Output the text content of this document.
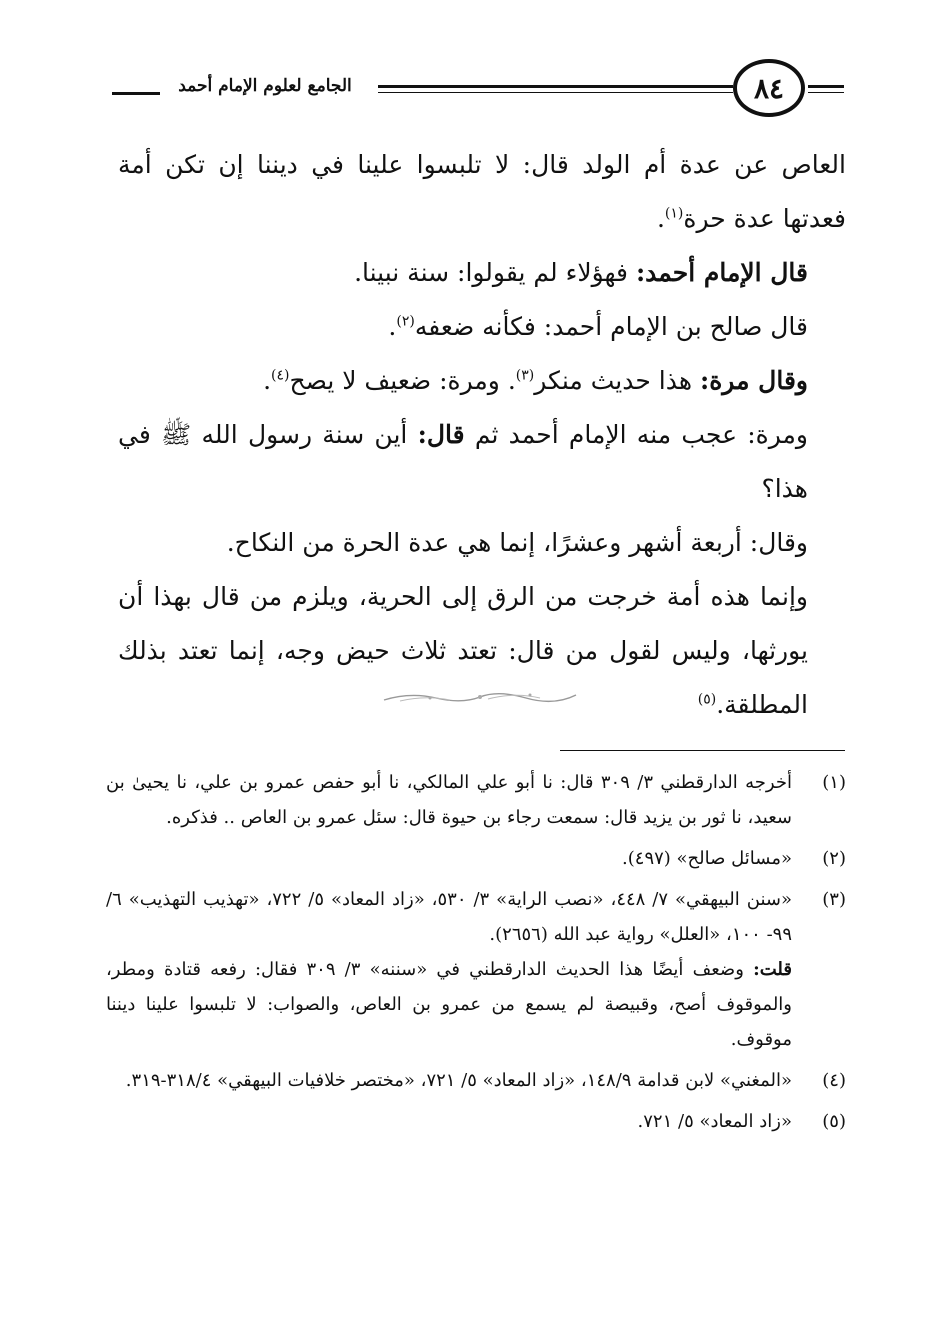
٨٤
الجامع لعلوم الإمام أحمد

العاص عن عدة أم الولد قال: لا تلبسوا علينا في ديننا إن تكن أمة فعدتها عدة حرة$^{(١)}$.

قال الإمام أحمد: فهؤلاء لم يقولوا: سنة نبينا.

قال صالح بن الإمام أحمد: فكأنه ضعفه$^{(٢)}$.

وقال مرة: هذا حديث منكر$^{(٣)}$. ومرة: ضعيف لا يصح$^{(٤)}$.

ومرة: عجب منه الإمام أحمد ثم قال: أين سنة رسول الله ﷺ في هذا؟

وقال: أربعة أشهر وعشرًا، إنما هي عدة الحرة من النكاح.

وإنما هذه أمة خرجت من الرق إلى الحرية، ويلزم من قال بهذا أن يورثها، وليس لقول من قال: تعتد ثلاث حيض وجه، إنما تعتد بذلك المطلقة.$^{(٥)}$

(١)
أخرجه الدارقطني ٣/ ٣٠٩ قال: نا أبو علي المالكي، نا أبو حفص عمرو بن علي، نا يحيىٰ بن سعيد، نا ثور بن يزيد قال: سمعت رجاء بن حيوة قال: سئل عمرو بن العاص .. فذكره.

(٢)
«مسائل صالح» (٤٩٧).

(٣)
«سنن البيهقي» ٧/ ٤٤٨، «نصب الراية» ٣/ ٥٣٠، «زاد المعاد» ٥/ ٧٢٢، «تهذيب التهذيب» ٦/ ٩٩- ١٠٠، «العلل» رواية عبد الله (٢٦٥٦).
قلت: وضعف أيضًا هذا الحديث الدارقطني في «سننه» ٣/ ٣٠٩ فقال: رفعه قتادة ومطر، والموقوف أصح، وقبيصة لم يسمع من عمرو بن العاص، والصواب: لا تلبسوا علينا ديننا موقوف.

(٤)
«المغني» لابن قدامة ١٤٨/٩، «زاد المعاد» ٥/ ٧٢١، «مختصر خلافيات البيهقي» ٣١٨/٤-٣١٩.

(٥)
«زاد المعاد» ٥/ ٧٢١.
